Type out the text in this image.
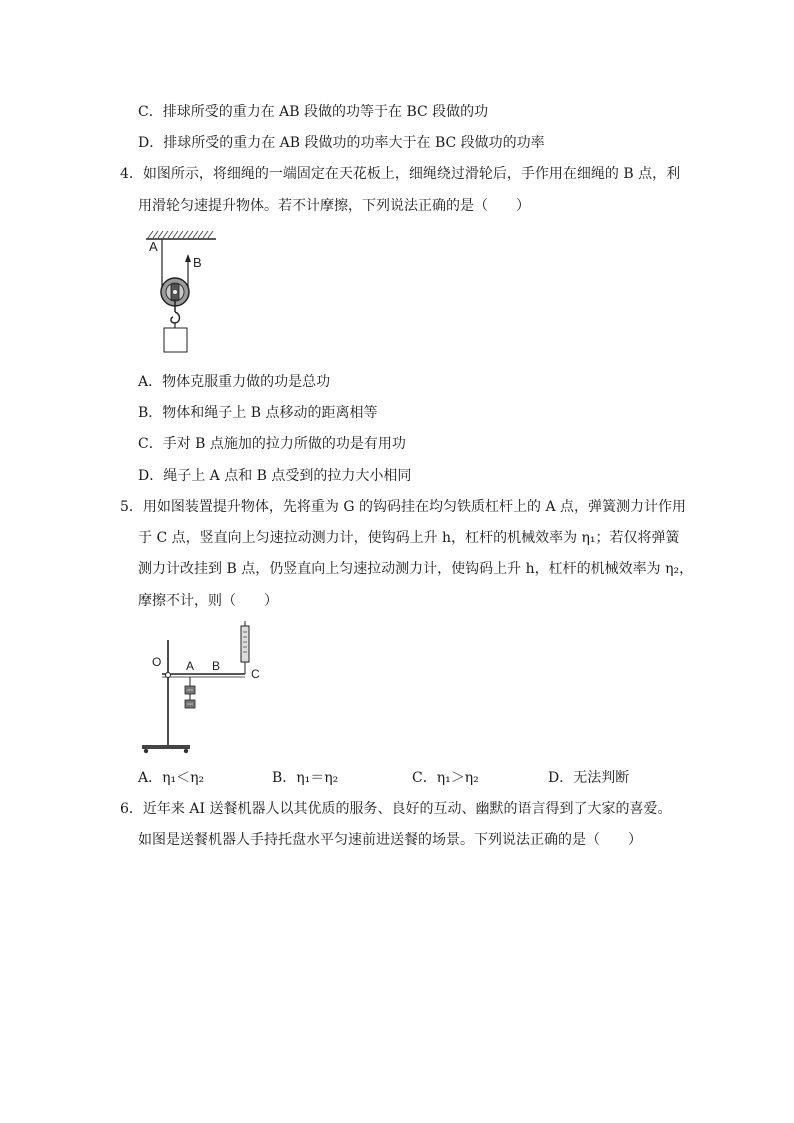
C．排球所受的重力在 AB 段做的功等于在 BC 段做的功
D．排球所受的重力在 AB 段做功的功率大于在 BC 段做功的功率
4．如图所示，将细绳的一端固定在天花板上，细绳绕过滑轮后，手作用在细绳的 B 点，利
用滑轮匀速提升物体。若不计摩擦，下列说法正确的是（　　）
A
B
A．物体克服重力做的功是总功
B．物体和绳子上 B 点移动的距离相等
C．手对 B 点施加的拉力所做的功是有用功
D．绳子上 A 点和 B 点受到的拉力大小相同
5．用如图装置提升物体，先将重为 G 的钩码挂在均匀铁质杠杆上的 A 点，弹簧测力计作用
于 C 点，竖直向上匀速拉动测力计，使钩码上升 h，杠杆的机械效率为 η₁；若仅将弹簧
测力计改挂到 B 点，仍竖直向上匀速拉动测力计，使钩码上升 h，杠杆的机械效率为 η₂，
摩擦不计，则（　　）
O A B
C
A．η₁＜η₂	B．η₁＝η₂	C．η₁＞η₂	D．无法判断
6．近年来 AI 送餐机器人以其优质的服务、良好的互动、幽默的语言得到了大家的喜爱。
如图是送餐机器人手持托盘水平匀速前进送餐的场景。下列说法正确的是（　　）
